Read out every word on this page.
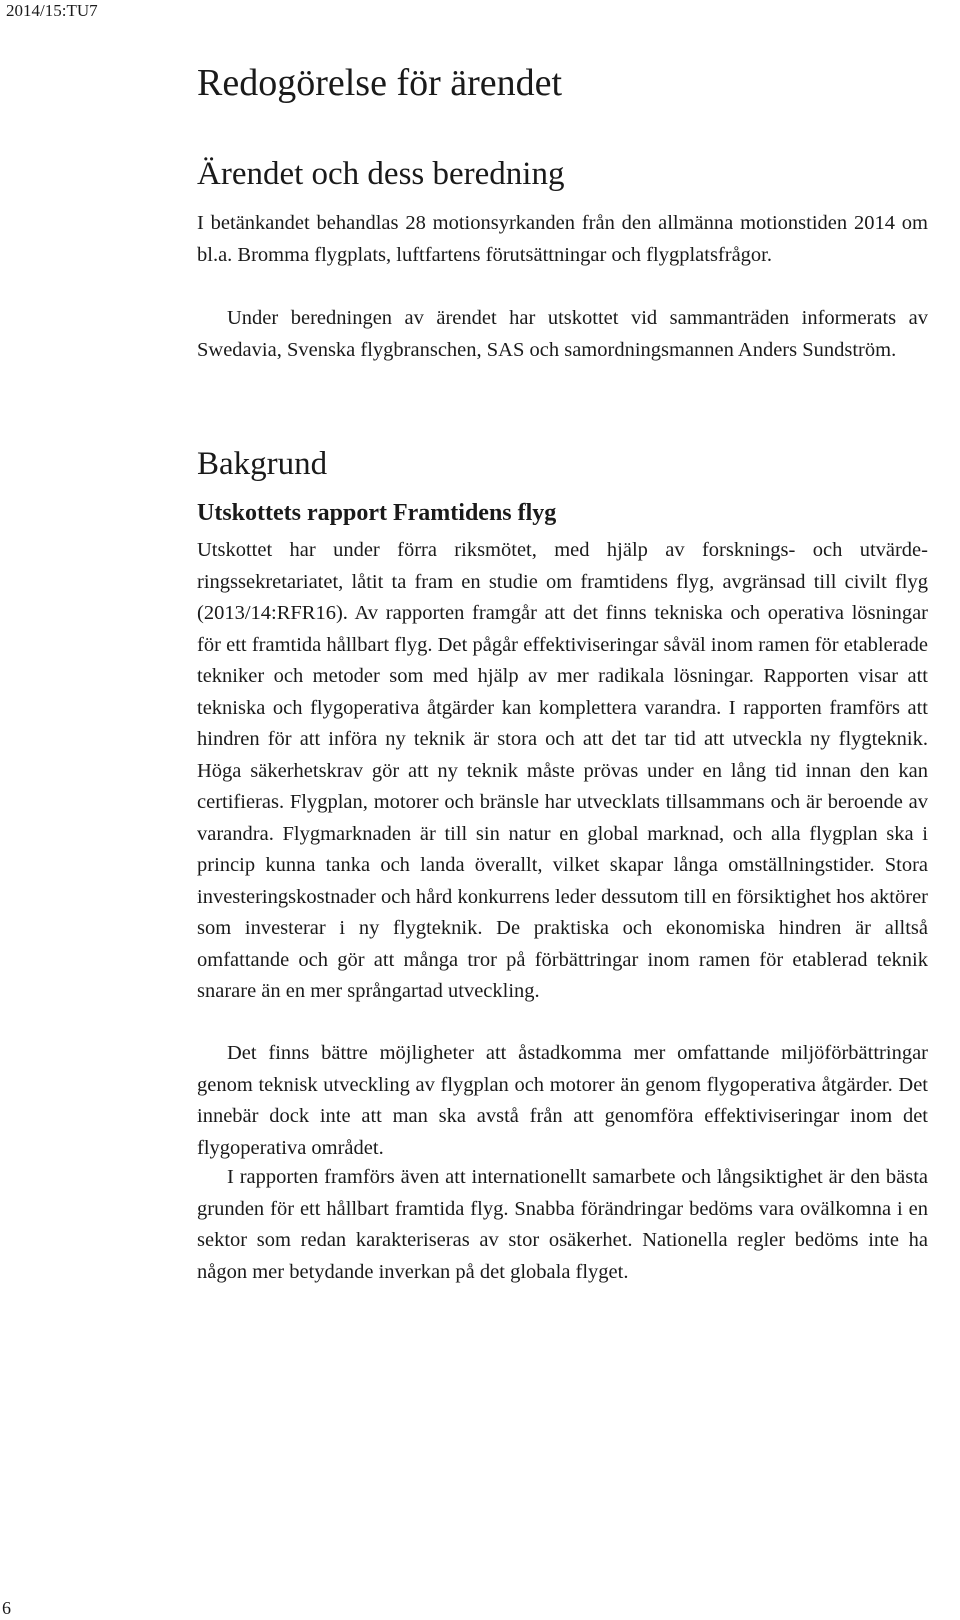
2014/15:TU7
Redogörelse för ärendet
Ärendet och dess beredning

I betänkandet behandlas 28 motionsyrkanden från den allmänna motionstiden 2014 om bl.a. Bromma flygplats, luftfartens förutsättningar och flygplatsfrågor.

Under beredningen av ärendet har utskottet vid sammanträden informerats av Swedavia, Svenska flygbranschen, SAS och samordningsmannen Anders Sundström.

Bakgrund
Utskottets rapport Framtidens flyg

Utskottet har under förra riksmötet, med hjälp av forsknings- och utvärderingssekretariatet, låtit ta fram en studie om framtidens flyg, avgränsad till civilt flyg (2013/14:RFR16). Av rapporten framgår att det finns tekniska och operativa lösningar för ett framtida hållbart flyg. Det pågår effektiviseringar såväl inom ramen för etablerade tekniker och metoder som med hjälp av mer radikala lösningar. Rapporten visar att tekniska och flygoperativa åtgärder kan komplettera varandra. I rapporten framförs att hindren för att införa ny teknik är stora och att det tar tid att utveckla ny flygteknik. Höga säkerhetskrav gör att ny teknik måste prövas under en lång tid innan den kan certifieras. Flygplan, motorer och bränsle har utvecklats tillsammans och är beroende av varandra. Flygmarknaden är till sin natur en global marknad, och alla flygplan ska i princip kunna tanka och landa överallt, vilket skapar långa omställningstider. Stora investeringskostnader och hård konkurrens leder dessutom till en försiktighet hos aktörer som investerar i ny flygteknik. De praktiska och ekonomiska hindren är alltså omfattande och gör att många tror på förbättringar inom ramen för etablerad teknik snarare än en mer språngartad utveckling.

Det finns bättre möjligheter att åstadkomma mer omfattande miljöförbättringar genom teknisk utveckling av flygplan och motorer än genom flygoperativa åtgärder. Det innebär dock inte att man ska avstå från att genomföra effektiviseringar inom det flygoperativa området.

I rapporten framförs även att internationellt samarbete och långsiktighet är den bästa grunden för ett hållbart framtida flyg. Snabba förändringar bedöms vara ovälkomna i en sektor som redan karakteriseras av stor osäkerhet. Nationella regler bedöms inte ha någon mer betydande inverkan på det globala flyget.

6
